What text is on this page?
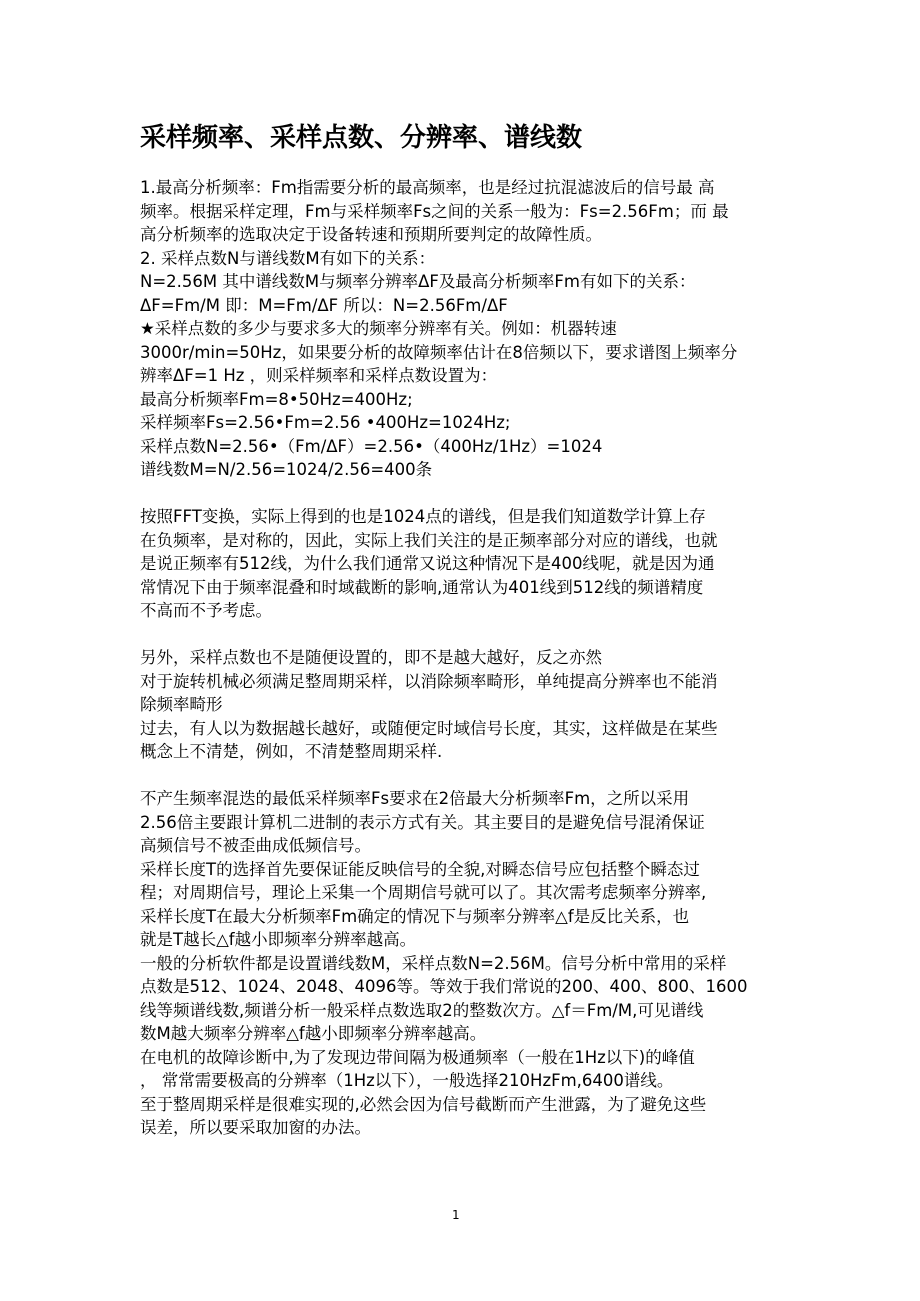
采样频率、采样点数、分辨率、谱线数
1.最高分析频率：Fm指需要分析的最高频率，也是经过抗混滤波后的信号最 高
频率。根据采样定理，Fm与采样频率Fs之间的关系一般为：Fs=2.56Fm；而 最
高分析频率的选取决定于设备转速和预期所要判定的故障性质。
2. 采样点数N与谱线数M有如下的关系：
N=2.56M 其中谱线数M与频率分辨率ΔF及最高分析频率Fm有如下的关系：
ΔF=Fm/M 即：M=Fm/ΔF 所以：N=2.56Fm/ΔF
★采样点数的多少与要求多大的频率分辨率有关。例如：机器转速
3000r/min=50Hz，如果要分析的故障频率估计在8倍频以下，要求谱图上频率分
辨率ΔF=1 Hz ，则采样频率和采样点数设置为：
最高分析频率Fm=8•50Hz=400Hz;
采样频率Fs=2.56•Fm=2.56 •400Hz=1024Hz;
采样点数N=2.56•（Fm/ΔF）=2.56•（400Hz/1Hz）=1024
谱线数M=N/2.56=1024/2.56=400条
按照FFT变换，实际上得到的也是1024点的谱线，但是我们知道数学计算上存
在负频率，是对称的，因此，实际上我们关注的是正频率部分对应的谱线，也就
是说正频率有512线，为什么我们通常又说这种情况下是400线呢，就是因为通
常情况下由于频率混叠和时域截断的影响,通常认为401线到512线的频谱精度
不高而不予考虑。
另外，采样点数也不是随便设置的，即不是越大越好，反之亦然
对于旋转机械必须满足整周期采样，以消除频率畸形，单纯提高分辨率也不能消
除频率畸形
过去，有人以为数据越长越好，或随便定时域信号长度，其实，这样做是在某些
概念上不清楚，例如，不清楚整周期采样.
不产生频率混迭的最低采样频率Fs要求在2倍最大分析频率Fm，之所以采用
2.56倍主要跟计算机二进制的表示方式有关。其主要目的是避免信号混淆保证
高频信号不被歪曲成低频信号。
采样长度T的选择首先要保证能反映信号的全貌,对瞬态信号应包括整个瞬态过
程；对周期信号，理论上采集一个周期信号就可以了。其次需考虑频率分辨率,
采样长度T在最大分析频率Fm确定的情况下与频率分辨率△f是反比关系，也
就是T越长△f越小即频率分辨率越高。
一般的分析软件都是设置谱线数M，采样点数N=2.56M。信号分析中常用的采样
点数是512、1024、2048、4096等。等效于我们常说的200、400、800、1600
线等频谱线数,频谱分析一般采样点数选取2的整数次方。△f＝Fm/M,可见谱线
数M越大频率分辨率△f越小即频率分辨率越高。
在电机的故障诊断中,为了发现边带间隔为极通频率（一般在1Hz以下)的峰值
， 常常需要极高的分辨率（1Hz以下），一般选择210HzFm,6400谱线。
至于整周期采样是很难实现的,必然会因为信号截断而产生泄露，为了避免这些
误差，所以要采取加窗的办法。
1
